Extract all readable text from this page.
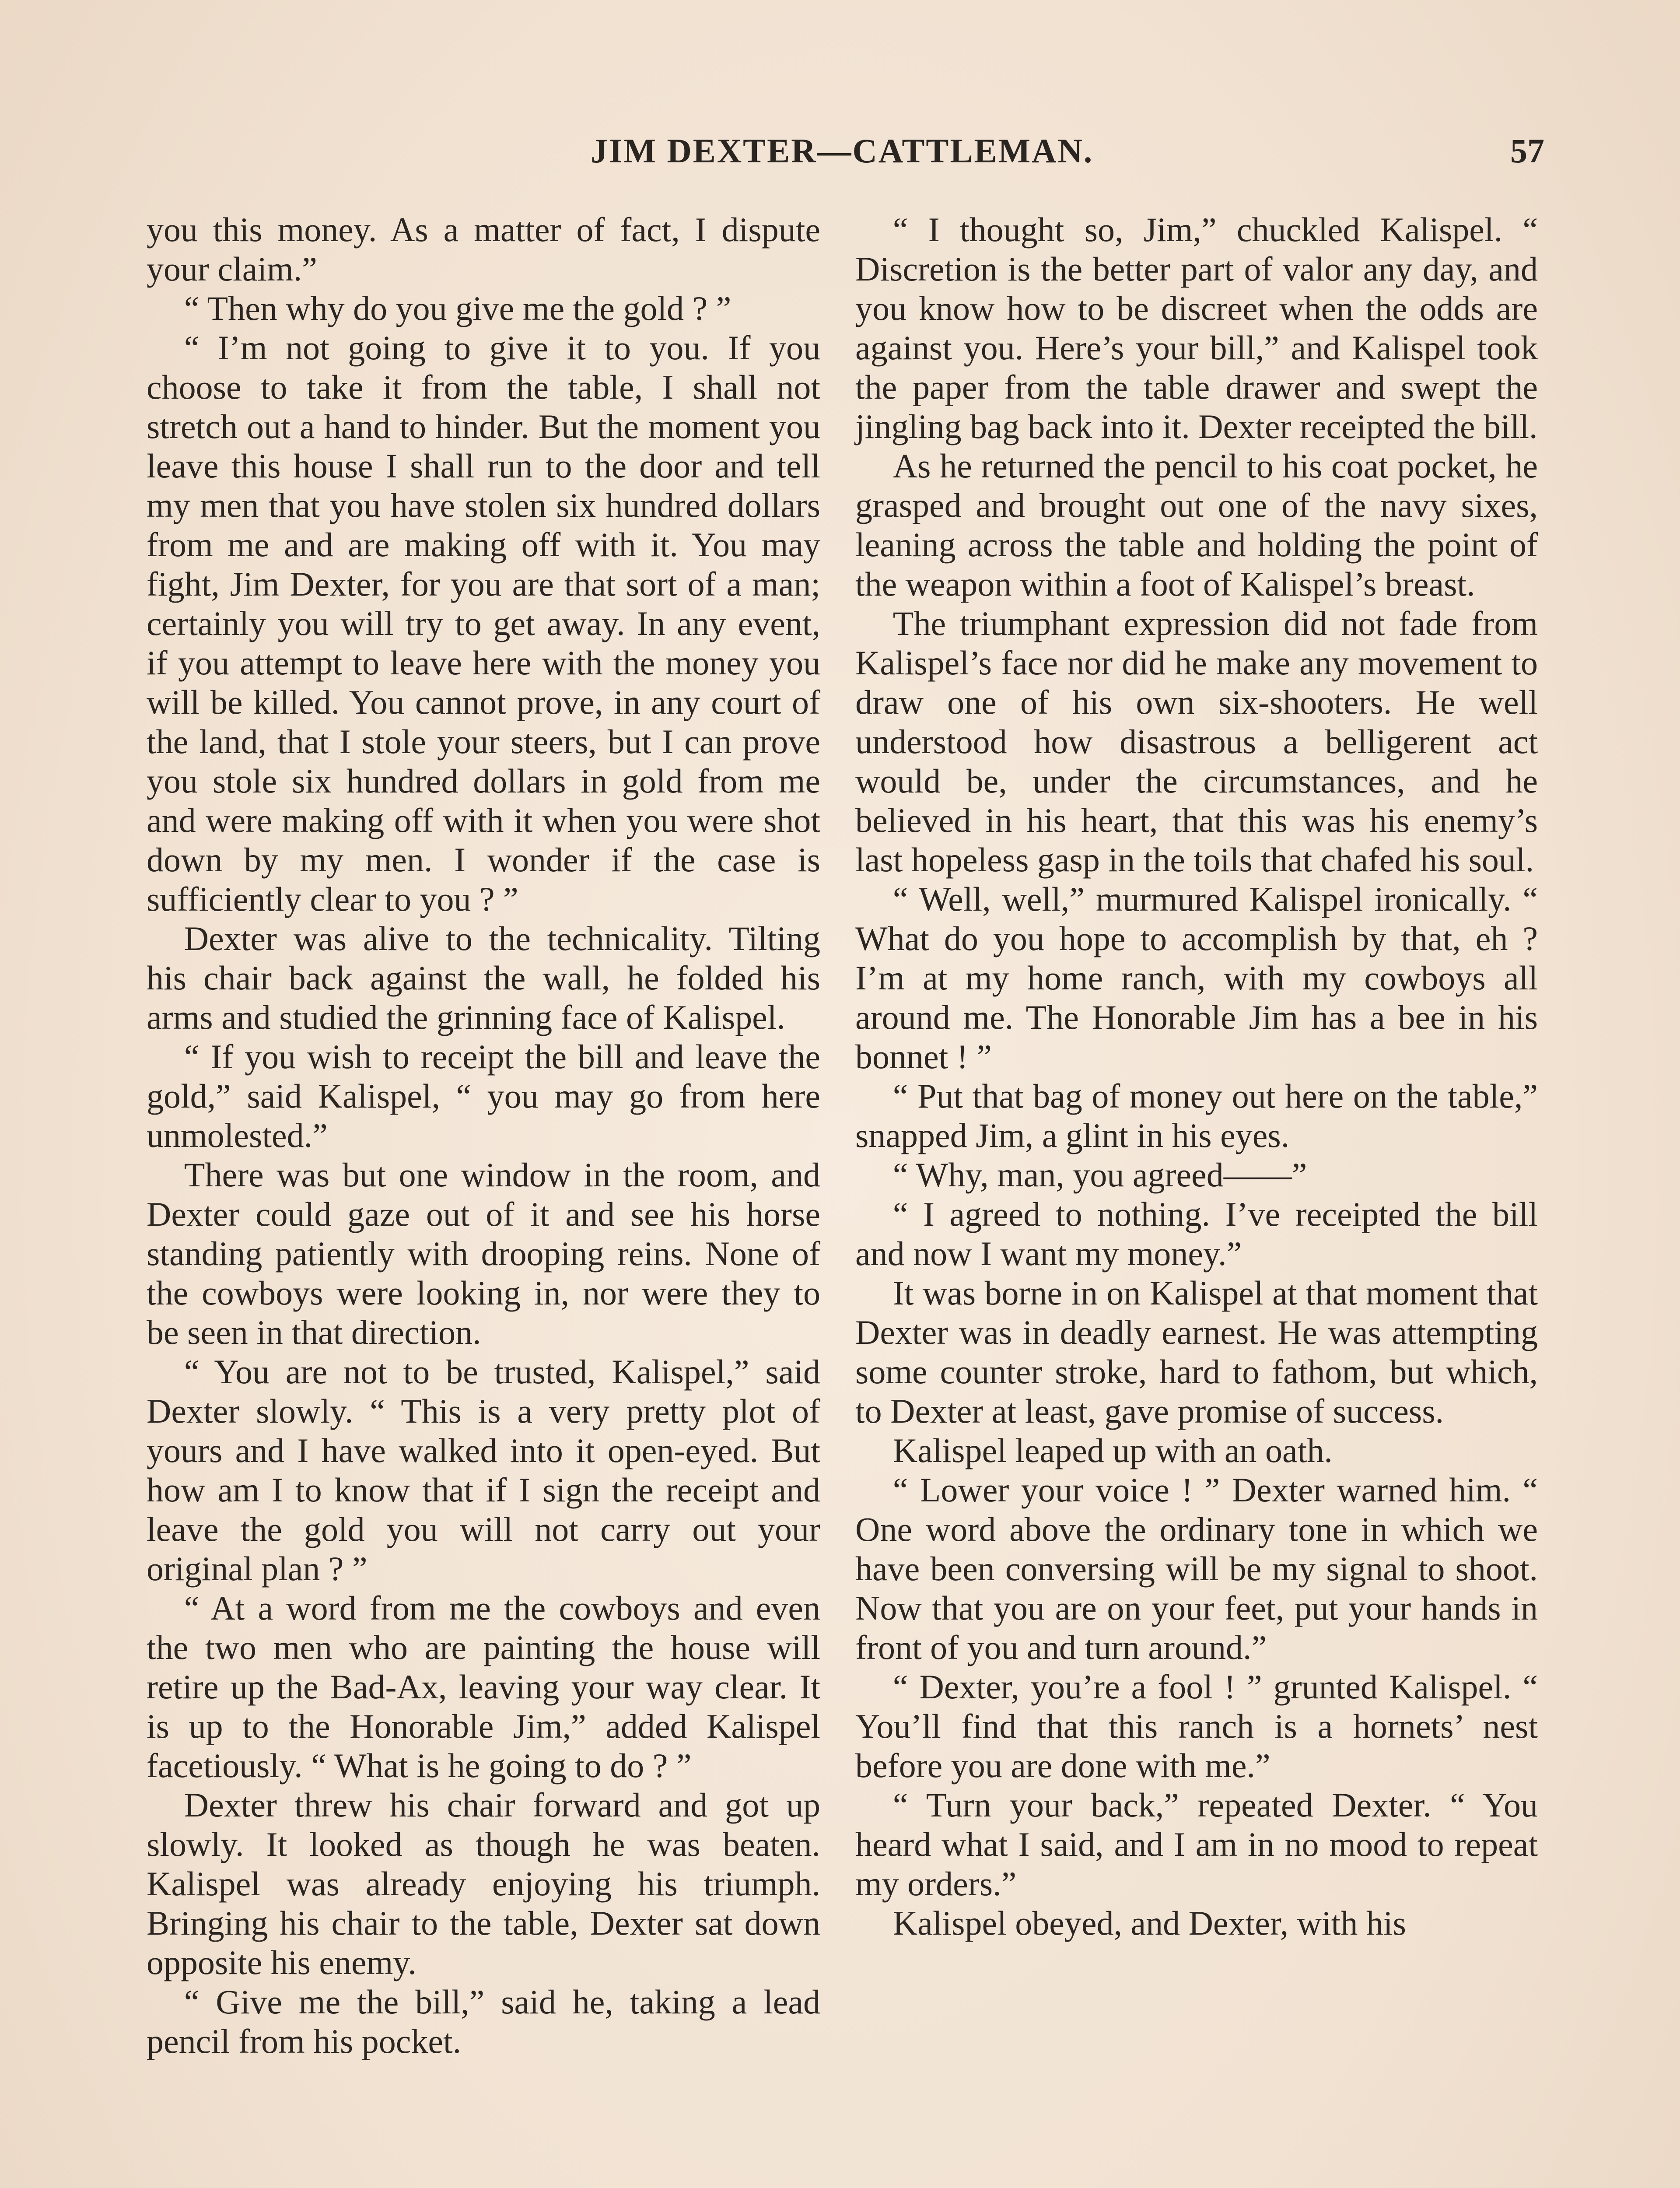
JIM DEXTER—CATTLEMAN.	57

you this money. As a matter of fact, I dispute your claim.”

“ Then why do you give me the gold ? ”

“ I’m not going to give it to you. If you choose to take it from the table, I shall not stretch out a hand to hinder. But the moment you leave this house I shall run to the door and tell my men that you have stolen six hundred dollars from me and are making off with it. You may fight, Jim Dexter, for you are that sort of a man; certainly you will try to get away. In any event, if you attempt to leave here with the money you will be killed. You cannot prove, in any court of the land, that I stole your steers, but I can prove you stole six hundred dollars in gold from me and were making off with it when you were shot down by my men. I wonder if the case is sufficiently clear to you ? ”

Dexter was alive to the technicality. Tilting his chair back against the wall, he folded his arms and studied the grinning face of Kalispel.

“ If you wish to receipt the bill and leave the gold,” said Kalispel, “ you may go from here unmolested.”

There was but one window in the room, and Dexter could gaze out of it and see his horse standing patiently with drooping reins. None of the cowboys were looking in, nor were they to be seen in that direction.

“ You are not to be trusted, Kalispel,” said Dexter slowly. “ This is a very pretty plot of yours and I have walked into it open-eyed. But how am I to know that if I sign the receipt and leave the gold you will not carry out your original plan ? ”

“ At a word from me the cowboys and even the two men who are painting the house will retire up the Bad-Ax, leaving your way clear. It is up to the Honorable Jim,” added Kalispel facetiously. “ What is he going to do ? ”

Dexter threw his chair forward and got up slowly. It looked as though he was beaten. Kalispel was already enjoying his triumph. Bringing his chair to the table, Dexter sat down opposite his enemy.

“ Give me the bill,” said he, taking a lead pencil from his pocket.

“ I thought so, Jim,” chuckled Kalispel. “ Discretion is the better part of valor any day, and you know how to be discreet when the odds are against you. Here’s your bill,” and Kalispel took the paper from the table drawer and swept the jingling bag back into it. Dexter receipted the bill.

As he returned the pencil to his coat pocket, he grasped and brought out one of the navy sixes, leaning across the table and holding the point of the weapon within a foot of Kalispel’s breast.

The triumphant expression did not fade from Kalispel’s face nor did he make any movement to draw one of his own six-shooters. He well understood how disastrous a belligerent act would be, under the circumstances, and he believed in his heart, that this was his enemy’s last hopeless gasp in the toils that chafed his soul.

“ Well, well,” murmured Kalispel ironically. “ What do you hope to accomplish by that, eh ? I’m at my home ranch, with my cowboys all around me. The Honorable Jim has a bee in his bonnet ! ”

“ Put that bag of money out here on the table,” snapped Jim, a glint in his eyes.

“ Why, man, you agreed——”

“ I agreed to nothing. I’ve receipted the bill and now I want my money.”

It was borne in on Kalispel at that moment that Dexter was in deadly earnest. He was attempting some counter stroke, hard to fathom, but which, to Dexter at least, gave promise of success.

Kalispel leaped up with an oath.

“ Lower your voice ! ” Dexter warned him. “ One word above the ordinary tone in which we have been conversing will be my signal to shoot. Now that you are on your feet, put your hands in front of you and turn around.”

“ Dexter, you’re a fool ! ” grunted Kalispel. “ You’ll find that this ranch is a hornets’ nest before you are done with me.”

“ Turn your back,” repeated Dexter. “ You heard what I said, and I am in no mood to repeat my orders.”

Kalispel obeyed, and Dexter, with his
